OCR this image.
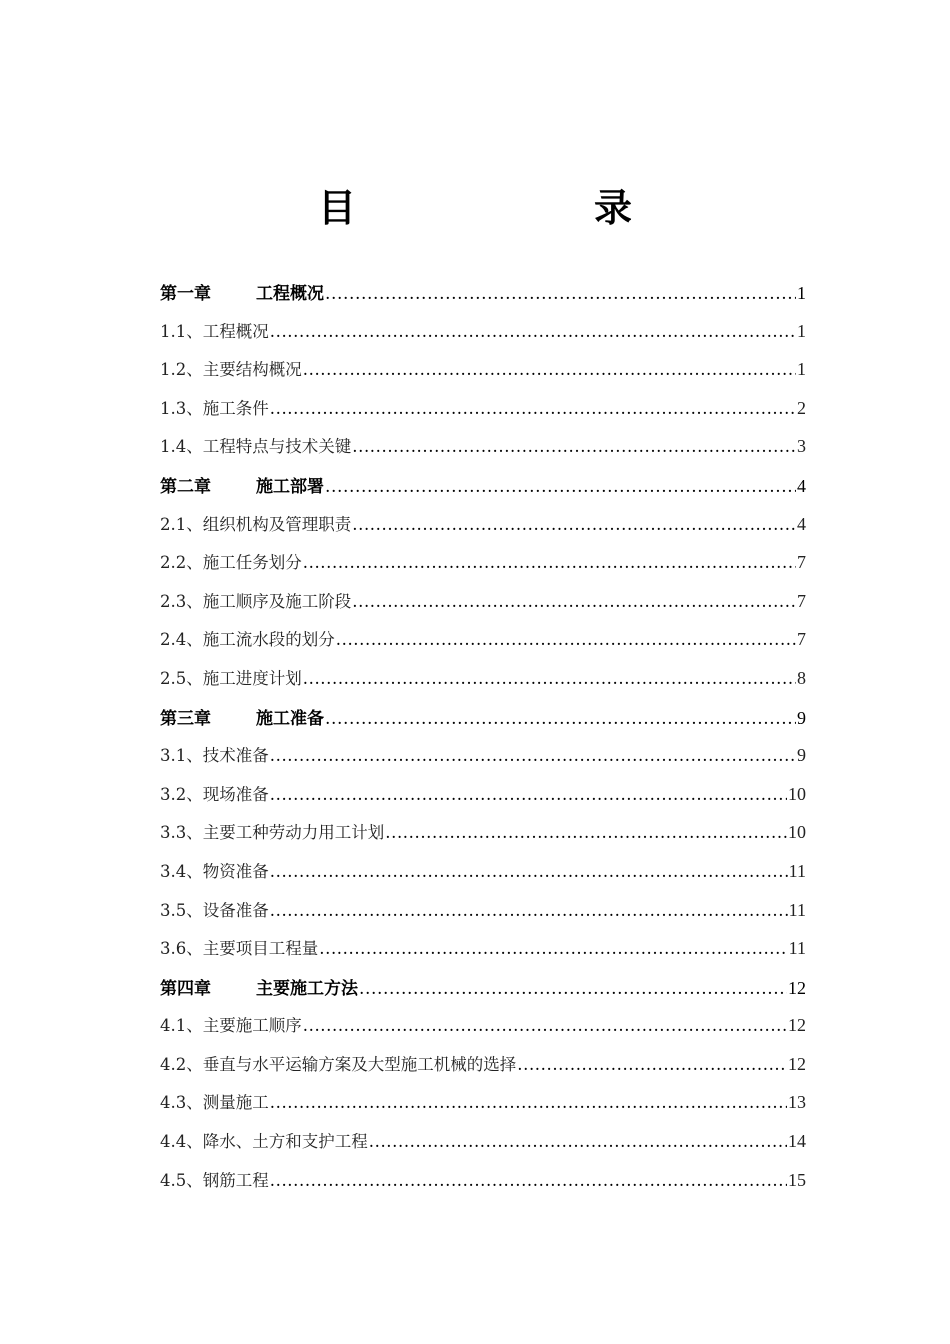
目　录
第一章	工程概况 .....	1
1.1、 工程概况 .....	1
1.2、 主要结构概况 .....	1
1.3、 施工条件 .....	2
1.4、 工程特点与技术关键 .....	3
第二章	施工部署 .....	4
2.1、 组织机构及管理职责 .....	4
2.2、 施工任务划分 .....	7
2.3、 施工顺序及施工阶段 .....	7
2.4、 施工流水段的划分 .....	7
2.5、 施工进度计划 .....	8
第三章	施工准备 .....	9
3.1、 技术准备 .....	9
3.2、 现场准备 .....	10
3.3、 主要工种劳动力用工计划 .....	10
3.4、 物资准备 .....	11
3.5、 设备准备 .....	11
3.6、 主要项目工程量 .....	11
第四章	主要施工方法 .....	12
4.1、 主要施工顺序 .....	12
4.2、 垂直与水平运输方案及大型施工机械的选择 .....	12
4.3、 测量施工 .....	13
4.4、 降水、土方和支护工程 .....	14
4.5、 钢筋工程 .....	15
